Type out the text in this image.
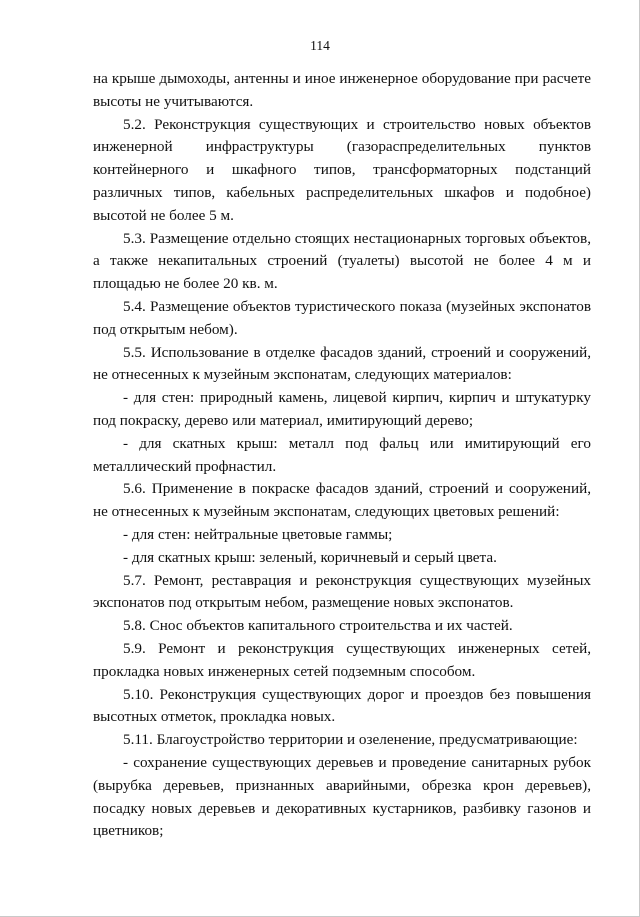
114

на крыше дымоходы, антенны и иное инженерное оборудование при расчете высоты не учитываются.

5.2. Реконструкция существующих и строительство новых объектов инженерной инфраструктуры (газораспределительных пунктов контейнерного и шкафного типов, трансформаторных подстанций различных типов, кабельных распределительных шкафов и подобное) высотой не более 5 м.

5.3. Размещение отдельно стоящих нестационарных торговых объектов, а также некапитальных строений (туалеты) высотой не более 4 м и площадью не более 20 кв. м.

5.4. Размещение объектов туристического показа (музейных экспонатов под открытым небом).

5.5. Использование в отделке фасадов зданий, строений и сооружений, не отнесенных к музейным экспонатам, следующих материалов:

- для стен: природный камень, лицевой кирпич, кирпич и штукатурку под покраску, дерево или материал, имитирующий дерево;

- для скатных крыш: металл под фальц или имитирующий его металлический профнастил.

5.6. Применение в покраске фасадов зданий, строений и сооружений, не отнесенных к музейным экспонатам, следующих цветовых решений:

- для стен: нейтральные цветовые гаммы;

- для скатных крыш: зеленый, коричневый и серый цвета.

5.7. Ремонт, реставрация и реконструкция существующих музейных экспонатов под открытым небом, размещение новых экспонатов.

5.8. Снос объектов капитального строительства и их частей.

5.9. Ремонт и реконструкция существующих инженерных сетей, прокладка новых инженерных сетей подземным способом.

5.10. Реконструкция существующих дорог и проездов без повышения высотных отметок, прокладка новых.

5.11. Благоустройство территории и озеленение, предусматривающие:

- сохранение существующих деревьев и проведение санитарных рубок (вырубка деревьев, признанных аварийными, обрезка крон деревьев), посадку новых деревьев и декоративных кустарников, разбивку газонов и цветников;
